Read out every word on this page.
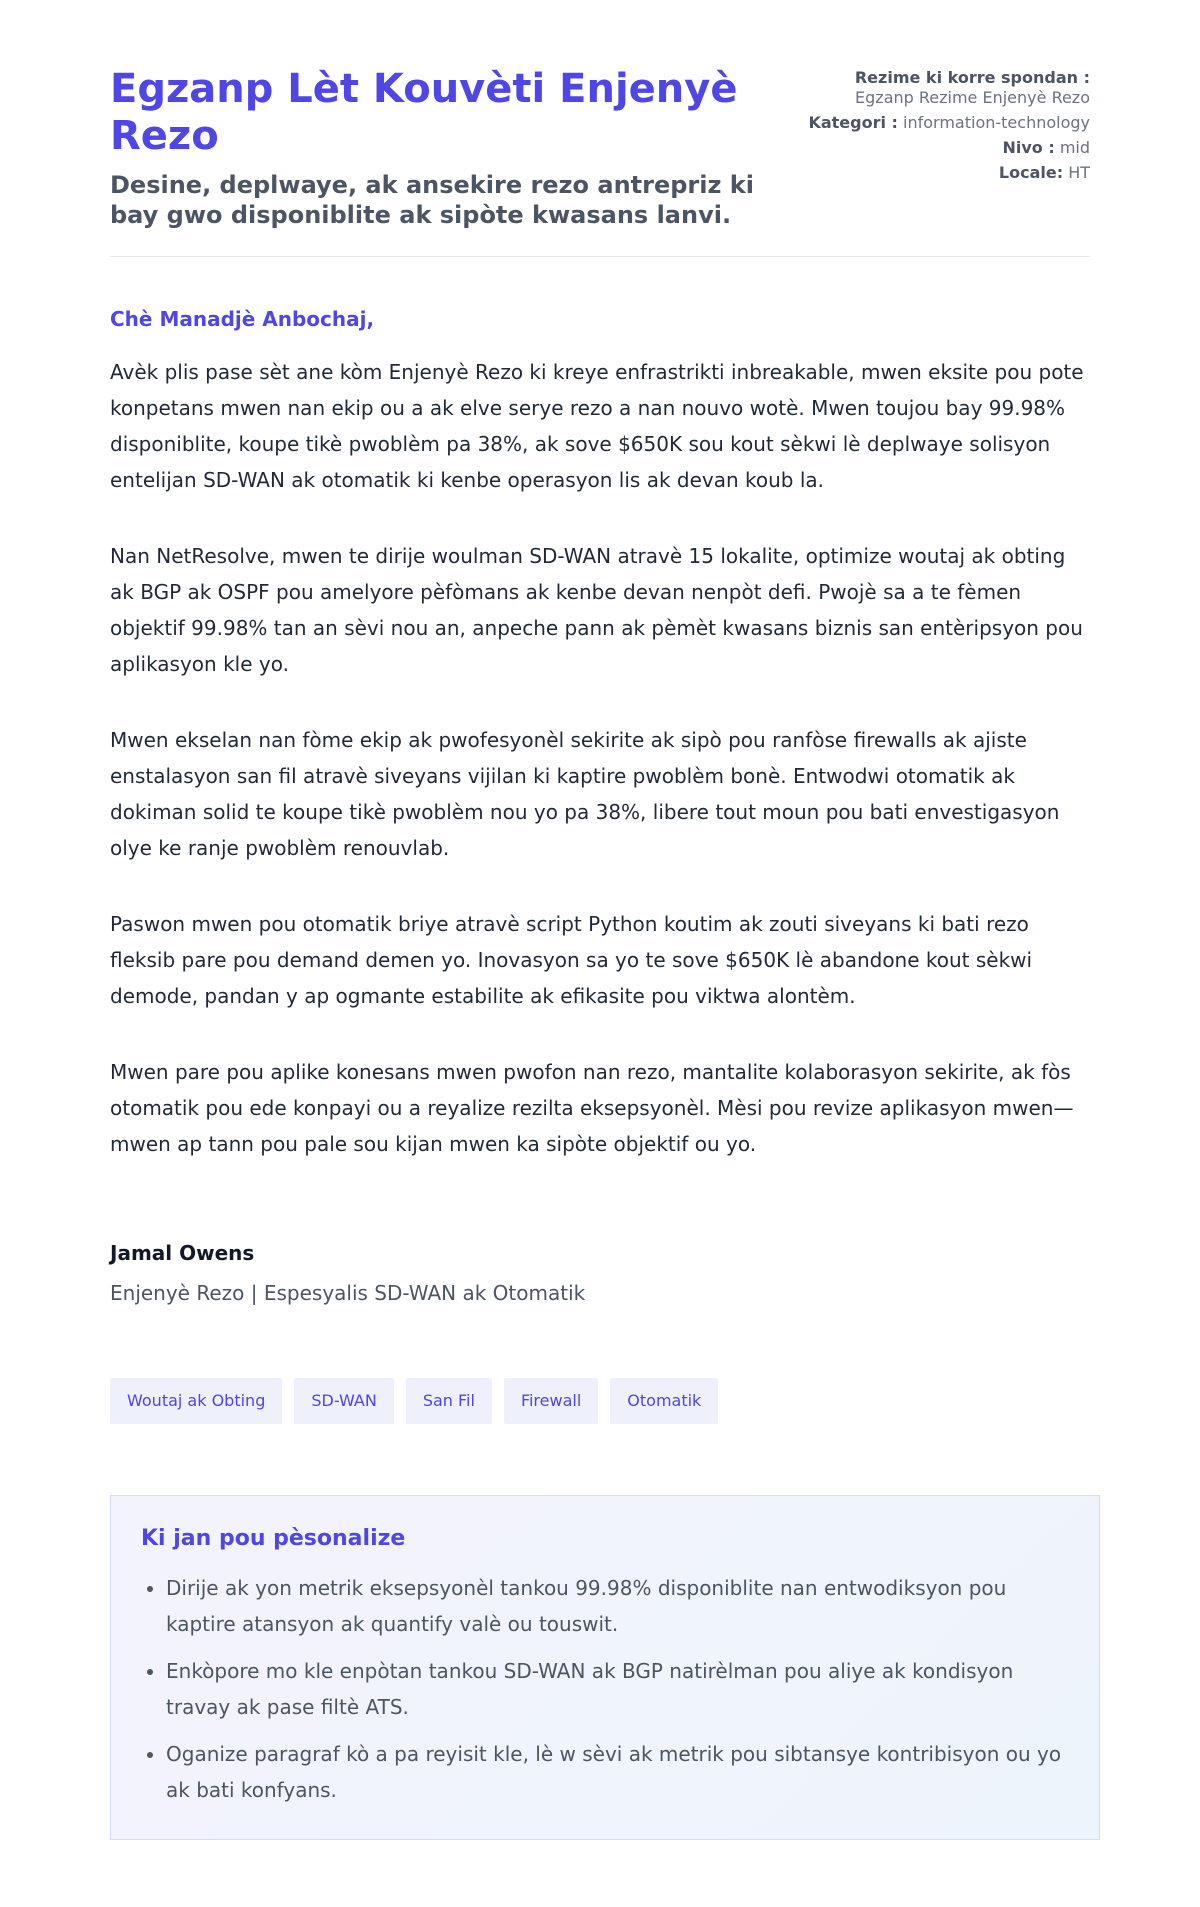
Egzanp Lèt Kouvèti Enjenyè Rezo

Desine, deplwaye, ak ansekire rezo antrepriz ki bay gwo disponiblite ak sipòte kwasans lanvi.

Rezime ki korre spondan :
Egzanp Rezime Enjenyè Rezo
Kategori : information-technology
Nivo : mid
Locale: HT

Chè Manadjè Anbochaj,

Avèk plis pase sèt ane kòm Enjenyè Rezo ki kreye enfrastrikti inbreakable, mwen eksite pou pote konpetans mwen nan ekip ou a ak elve serye rezo a nan nouvo wotè. Mwen toujou bay 99.98% disponiblite, koupe tikè pwoblèm pa 38%, ak sove $650K sou kout sèkwi lè deplwaye solisyon entelijan SD-WAN ak otomatik ki kenbe operasyon lis ak devan koub la.

Nan NetResolve, mwen te dirije woulman SD-WAN atravè 15 lokalite, optimize woutaj ak obting ak BGP ak OSPF pou amelyore pèfòmans ak kenbe devan nenpòt defi. Pwojè sa a te fèmen objektif 99.98% tan an sèvi nou an, anpeche pann ak pèmèt kwasans biznis san entèripsyon pou aplikasyon kle yo.

Mwen ekselan nan fòme ekip ak pwofesyonèl sekirite ak sipò pou ranfòse firewalls ak ajiste enstalasyon san fil atravè siveyans vijilan ki kaptire pwoblèm bonè. Entwodwi otomatik ak dokiman solid te koupe tikè pwoblèm nou yo pa 38%, libere tout moun pou bati envestigasyon olye ke ranje pwoblèm renouvlab.

Paswon mwen pou otomatik briye atravè script Python koutim ak zouti siveyans ki bati rezo fleksib pare pou demand demen yo. Inovasyon sa yo te sove $650K lè abandone kout sèkwi demode, pandan y ap ogmante estabilite ak efikasite pou viktwa alontèm.

Mwen pare pou aplike konesans mwen pwofon nan rezo, mantalite kolaborasyon sekirite, ak fòs otomatik pou ede konpayi ou a reyalize rezilta eksepsyonèl. Mèsi pou revize aplikasyon mwen—mwen ap tann pou pale sou kijan mwen ka sipòte objektif ou yo.

Jamal Owens

Enjenyè Rezo | Espesyalis SD-WAN ak Otomatik

Woutaj ak Obting	SD-WAN	San Fil	Firewall	Otomatik
Ki jan pou pèsonalize
• Dirije ak yon metrik eksepsyonèl tankou 99.98% disponiblite nan entwodiksyon pou kaptire atansyon ak quantify valè ou touswit.
• Enkòpore mo kle enpòtan tankou SD-WAN ak BGP natirèlman pou aliye ak kondisyon travay ak pase filtè ATS.
• Oganize paragraf kò a pa reyisit kle, lè w sèvi ak metrik pou sibtansye kontribisyon ou yo ak bati konfyans.
